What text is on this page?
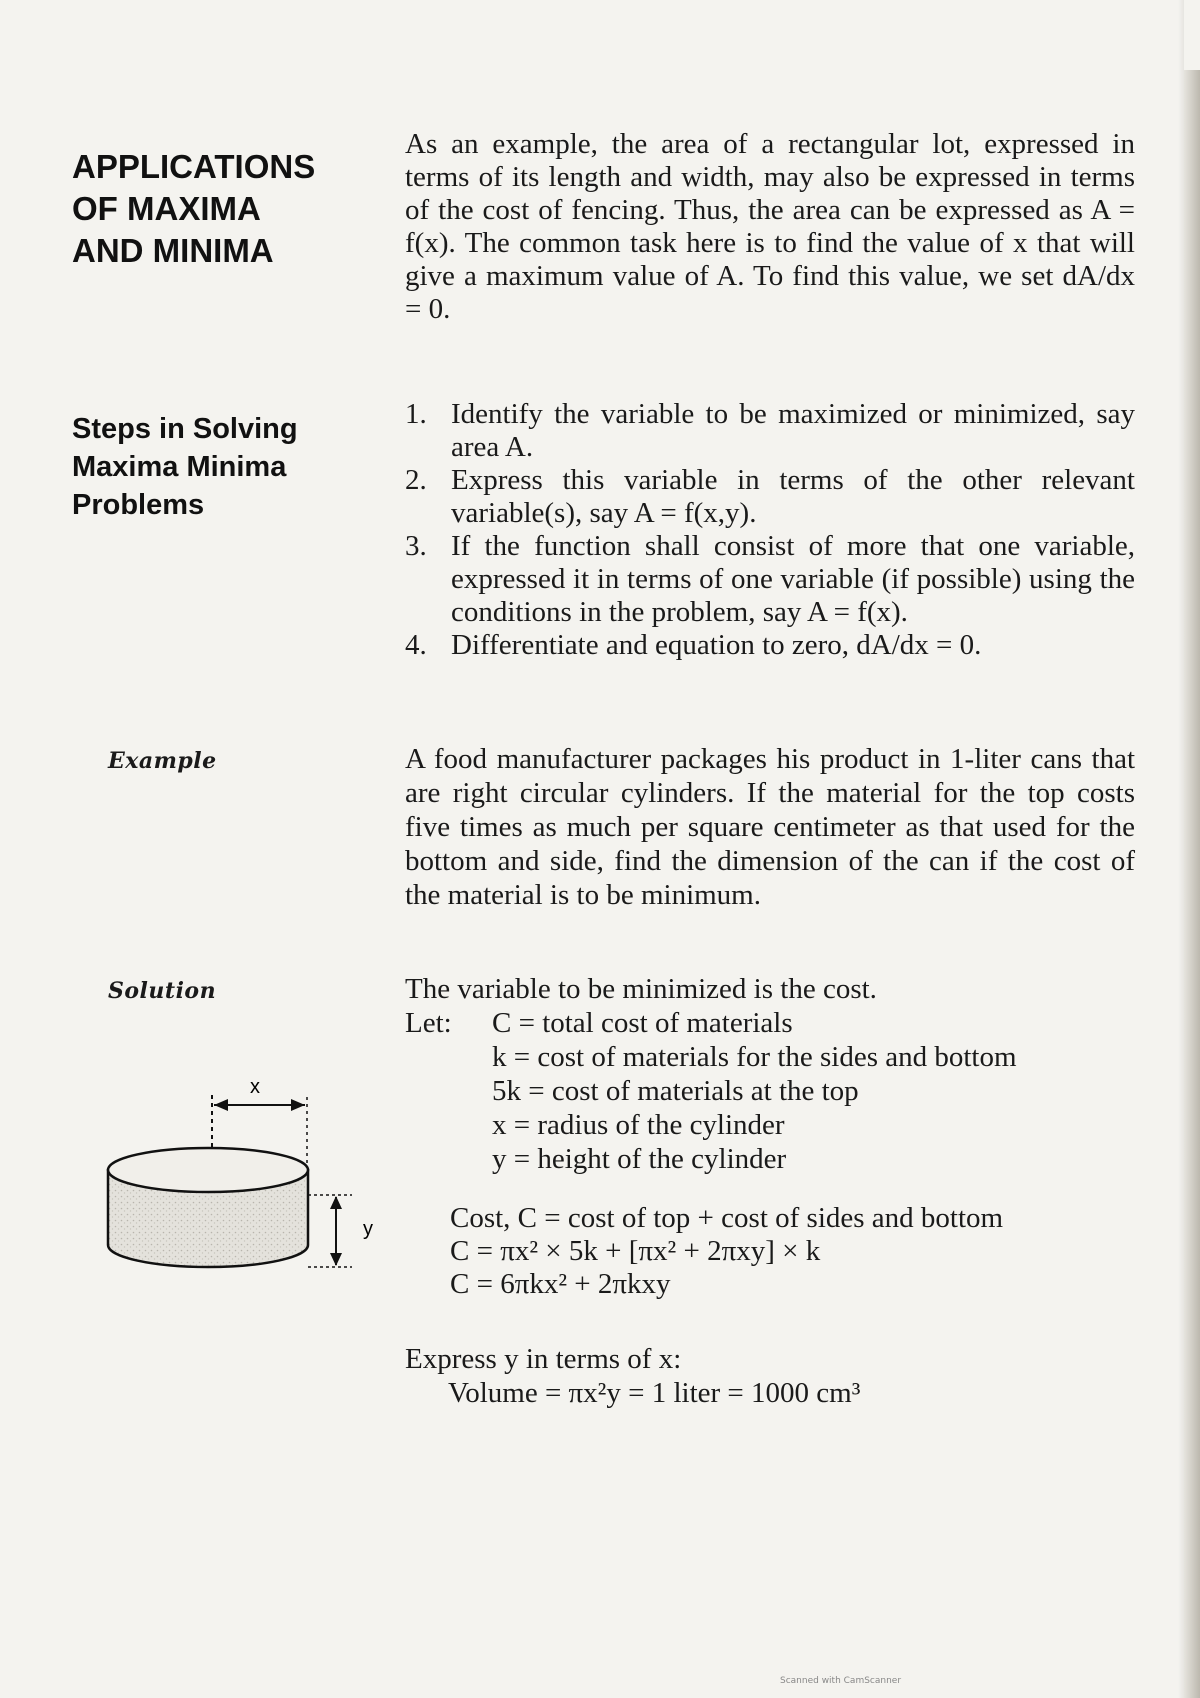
APPLICATIONS
OF MAXIMA
AND MINIMA
Steps in Solving
Maxima Minima
Problems
Example
Solution
As an example, the area of a rectangular lot, expressed in terms of its length and width, may also be expressed in terms of the cost of fencing. Thus, the area can be expressed as A = f(x). The common task here is to find the value of x that will give a maximum value of A. To find this value, we set dA/dx = 0.
1. Identify the variable to be maximized or minimized, say area A.
2. Express this variable in terms of the other relevant variable(s), say A = f(x,y).
3. If the function shall consist of more that one variable, expressed it in terms of one variable (if possible) using the conditions in the problem, say A = f(x).
4. Differentiate and equation to zero, dA/dx = 0.
A food manufacturer packages his product in 1-liter cans that are right circular cylinders. If the material for the top costs five times as much per square centimeter as that used for the bottom and side, find the dimension of the can if the cost of the material is to be minimum.
The variable to be minimized is the cost.
Let:	C = total cost of materials
k = cost of materials for the sides and bottom
5k = cost of materials at the top
x = radius of the cylinder
y = height of the cylinder
Cost, C = cost of top + cost of sides and bottom
C = πx² × 5k + [πx² + 2πxy] × k
C = 6πkx² + 2πkxy
Express y in terms of x:
Volume = πx²y = 1 liter = 1000 cm³
x
y
Scanned with CamScanner
